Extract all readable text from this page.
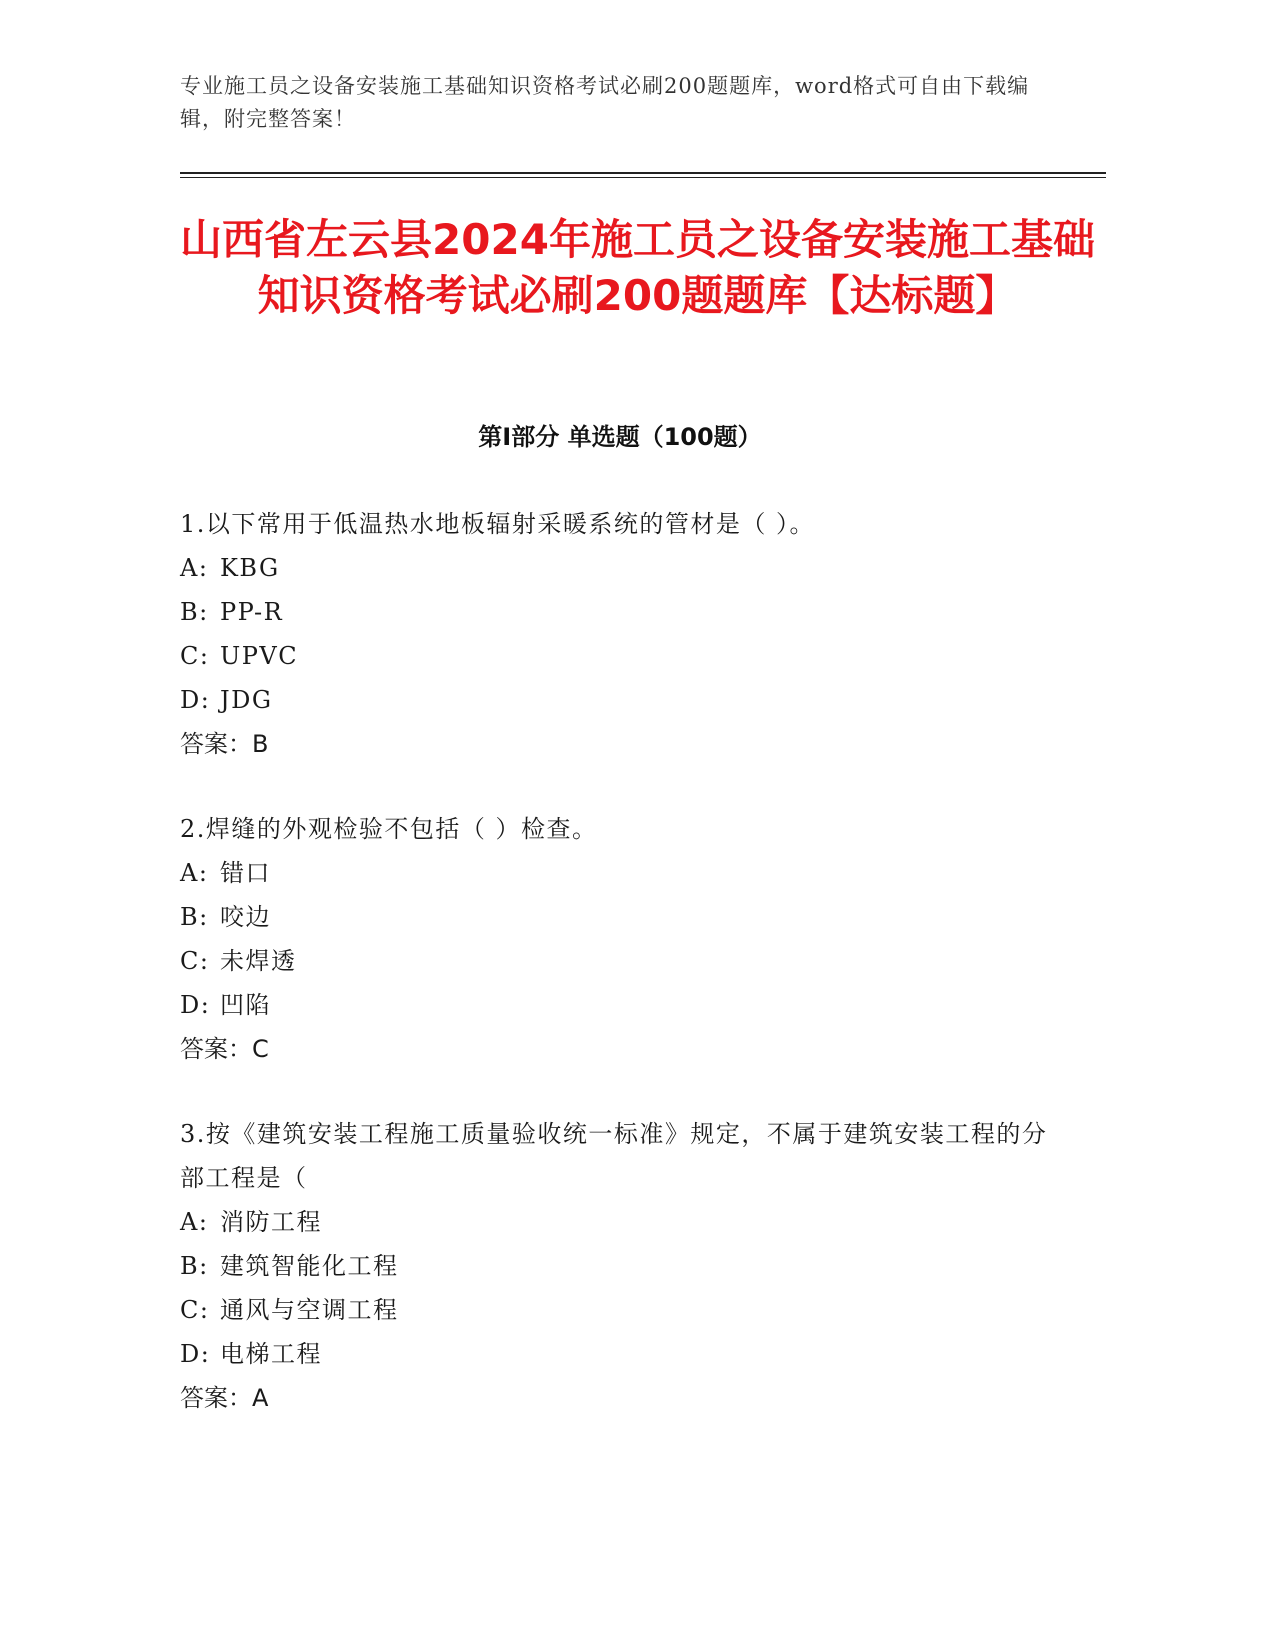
专业施工员之设备安装施工基础知识资格考试必刷200题题库，word格式可自由下载编辑，附完整答案！

山西省左云县2024年施工员之设备安装施工基础知识资格考试必刷200题题库【达标题】
第Ⅰ部分 单选题（100题）

1.以下常用于低温热水地板辐射采暖系统的管材是（ ）。

A: KBG

B: PP-R

C: UPVC

D: JDG

答案：B

2.焊缝的外观检验不包括（ ）检查。

A: 错口

B: 咬边

C: 未焊透

D: 凹陷

答案：C

3.按《建筑安装工程施工质量验收统一标准》规定，不属于建筑安装工程的分部工程是（

A: 消防工程

B: 建筑智能化工程

C: 通风与空调工程

D: 电梯工程

答案：A
